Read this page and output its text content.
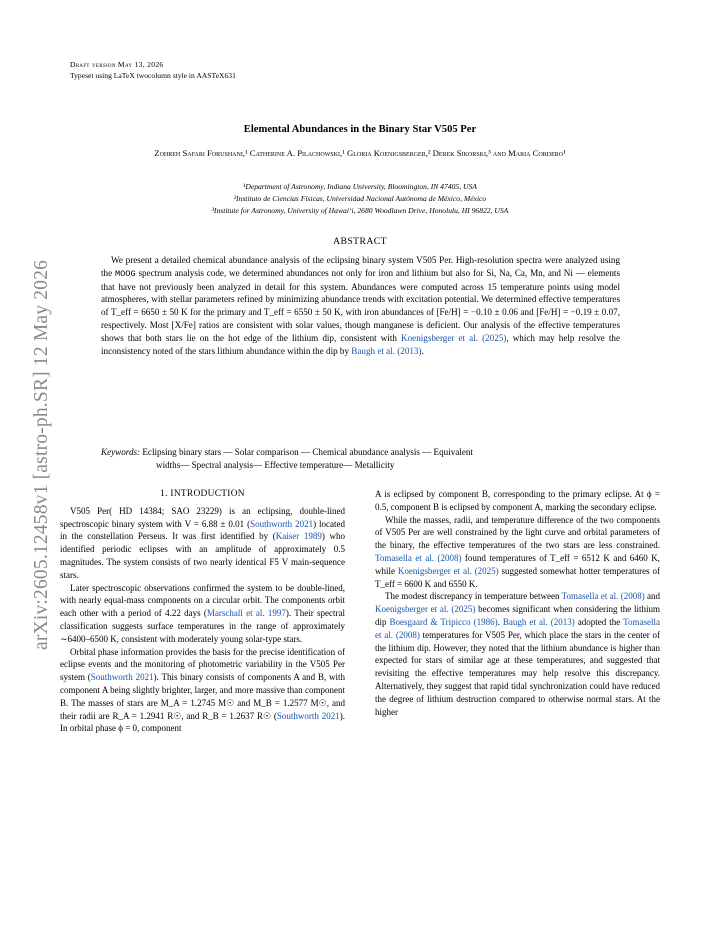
arXiv:2605.12458v1 [astro-ph.SR] 12 May 2026
Draft version May 13, 2026
Typeset using LaTeX twocolumn style in AASTeX631
Elemental Abundances in the Binary Star V505 Per
Zohreh Safari Forushani,¹ Catherine A. Pilachowski,¹ Gloria Koenigsberger,² Derek Sikorski,³ and Maria Cordero¹
¹Department of Astronomy, Indiana University, Bloomington, IN 47405, USA
²Instituto de Ciencias Físicas, Universidad Nacional Autónoma de México, México
³Institute for Astronomy, University of Hawaiʻi, 2680 Woodlawn Drive, Honolulu, HI 96822, USA
ABSTRACT
We present a detailed chemical abundance analysis of the eclipsing binary system V505 Per. High-resolution spectra were analyzed using the MOOG spectrum analysis code, we determined abundances not only for iron and lithium but also for Si, Na, Ca, Mn, and Ni — elements that have not previously been analyzed in detail for this system. Abundances were computed across 15 temperature points using model atmospheres, with stellar parameters refined by minimizing abundance trends with excitation potential. We determined effective temperatures of T_eff = 6650 ± 50 K for the primary and T_eff = 6550 ± 50 K, with iron abundances of [Fe/H] = −0.10 ± 0.06 and [Fe/H] = −0.19 ± 0.07, respectively. Most [X/Fe] ratios are consistent with solar values, though manganese is deficient. Our analysis of the effective temperatures shows that both stars lie on the hot edge of the lithium dip, consistent with Koenigsberger et al. (2025), which may help resolve the inconsistency noted of the stars lithium abundance within the dip by Baugh et al. (2013).
Keywords: Eclipsing binary stars — Solar comparison — Chemical abundance analysis — Equivalent
widths— Spectral analysis— Effective temperature— Metallicity
1. INTRODUCTION

V505 Per( HD 14384; SAO 23229) is an eclipsing, double-lined spectroscopic binary system with V = 6.88 ± 0.01 (Southworth 2021) located in the constellation Perseus. It was first identified by (Kaiser 1989) who identified periodic eclipses with an amplitude of approximately 0.5 magnitudes. The system consists of two nearly identical F5 V main-sequence stars.

Later spectroscopic observations confirmed the system to be double-lined, with nearly equal-mass components on a circular orbit. The components orbit each other with a period of 4.22 days (Marschall et al. 1997). Their spectral classification suggests surface temperatures in the range of approximately ∼6400–6500 K, consistent with moderately young solar-type stars.

Orbital phase information provides the basis for the precise identification of eclipse events and the monitoring of photometric variability in the V505 Per system (Southworth 2021). This binary consists of components A and B, with component A being slightly brighter, larger, and more massive than component B. The masses of stars are M_A = 1.2745 M☉ and M_B = 1.2577 M☉, and their radii are R_A = 1.2941 R☉, and R_B = 1.2637 R☉ (Southworth 2021). In orbital phase ϕ = 0, component

A is eclipsed by component B, corresponding to the primary eclipse. At ϕ = 0.5, component B is eclipsed by component A, marking the secondary eclipse.

While the masses, radii, and temperature difference of the two components of V505 Per are well constrained by the light curve and orbital parameters of the binary, the effective temperatures of the two stars are less constrained. Tomasella et al. (2008) found temperatures of T_eff = 6512 K and 6460 K, while Koenigsberger et al. (2025) suggested somewhat hotter temperatures of T_eff = 6600 K and 6550 K.

The modest discrepancy in temperature between Tomasella et al. (2008) and Koenigsberger et al. (2025) becomes significant when considering the lithium dip Boesgaard & Tripicco (1986). Baugh et al. (2013) adopted the Tomasella et al. (2008) temperatures for V505 Per, which place the stars in the center of the lithium dip. However, they noted that the lithium abundance is higher than expected for stars of similar age at these temperatures, and suggested that revisiting the effective temperatures may help resolve this discrepancy. Alternatively, they suggest that rapid tidal synchronization could have reduced the degree of lithium destruction compared to otherwise normal stars. At the higher
